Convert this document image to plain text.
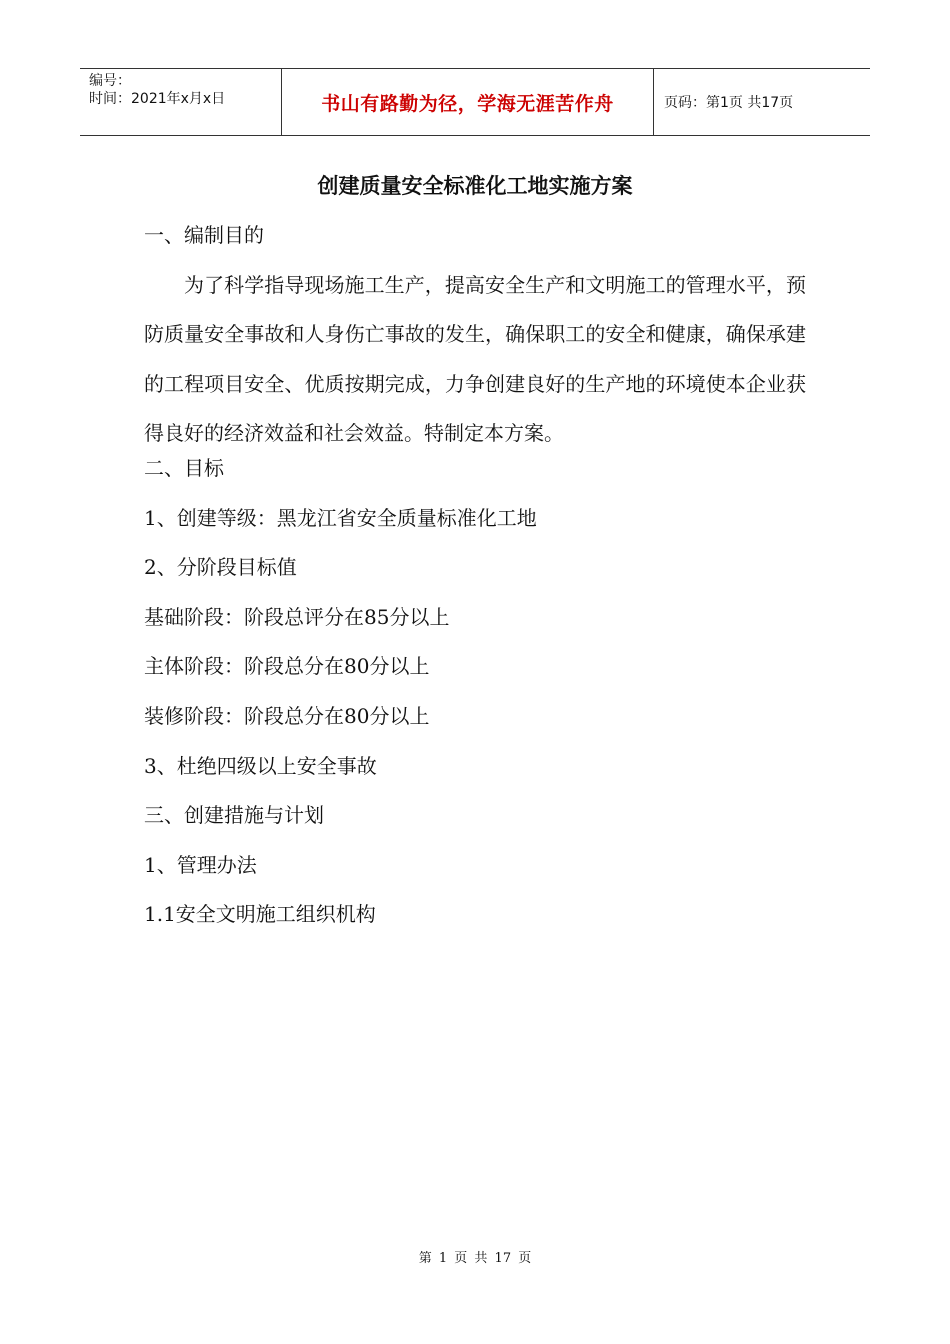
编号：
时间：2021年x月x日	书山有路勤为径，学海无涯苦作舟	页码：第1页 共17页
创建质量安全标准化工地实施方案
一、编制目的
为了科学指导现场施工生产，提高安全生产和文明施工的管理水平，预防质量安全事故和人身伤亡事故的发生，确保职工的安全和健康，确保承建的工程项目安全、优质按期完成，力争创建良好的生产地的环境使本企业获得良好的经济效益和社会效益。特制定本方案。
二、目标
1、创建等级：黑龙江省安全质量标准化工地
2、分阶段目标值
基础阶段：阶段总评分在85分以上
主体阶段：阶段总分在80分以上
装修阶段：阶段总分在80分以上
3、杜绝四级以上安全事故
三、创建措施与计划
1、管理办法
1.1安全文明施工组织机构
第 1 页 共 17 页
